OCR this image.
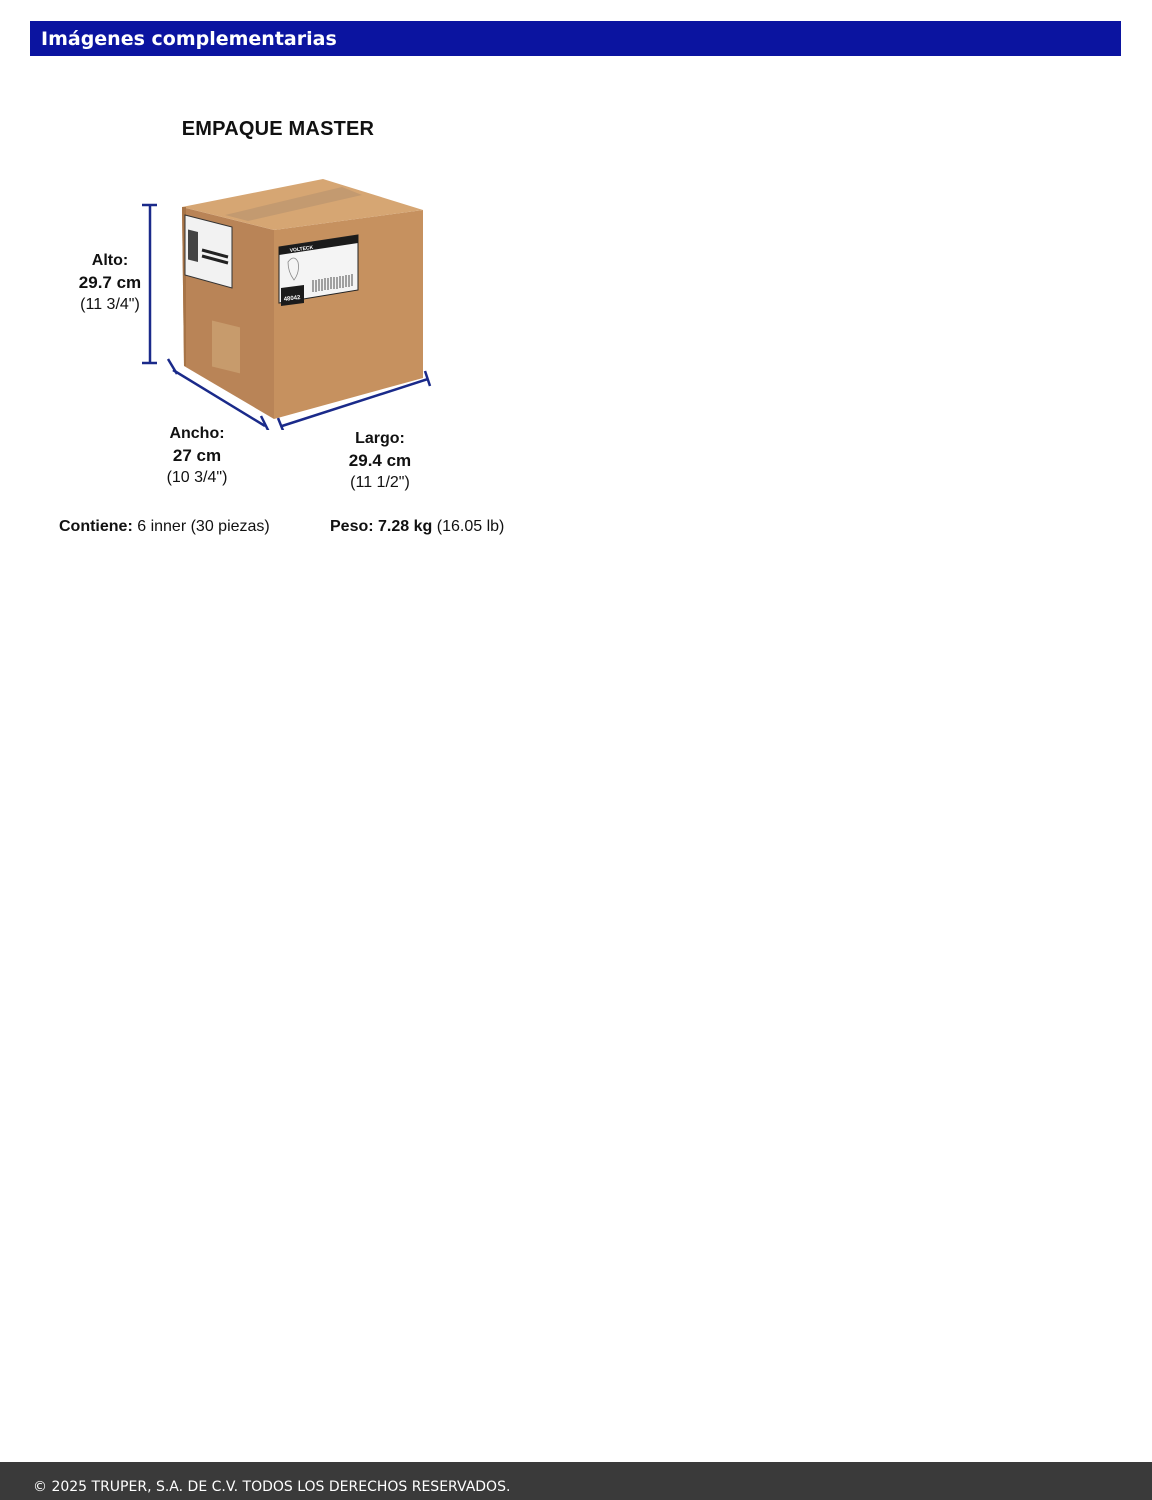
Imágenes complementarias
EMPAQUE MASTER
VOLTECK
48042
Alto:
29.7 cm
(11 3/4")
Ancho:
27 cm
(10 3/4")
Largo:
29.4 cm
(11 1/2")
Contiene: 6 inner (30 piezas)	Peso: 7.28 kg (16.05 lb)
© 2025 TRUPER, S.A. DE C.V. TODOS LOS DERECHOS RESERVADOS.
